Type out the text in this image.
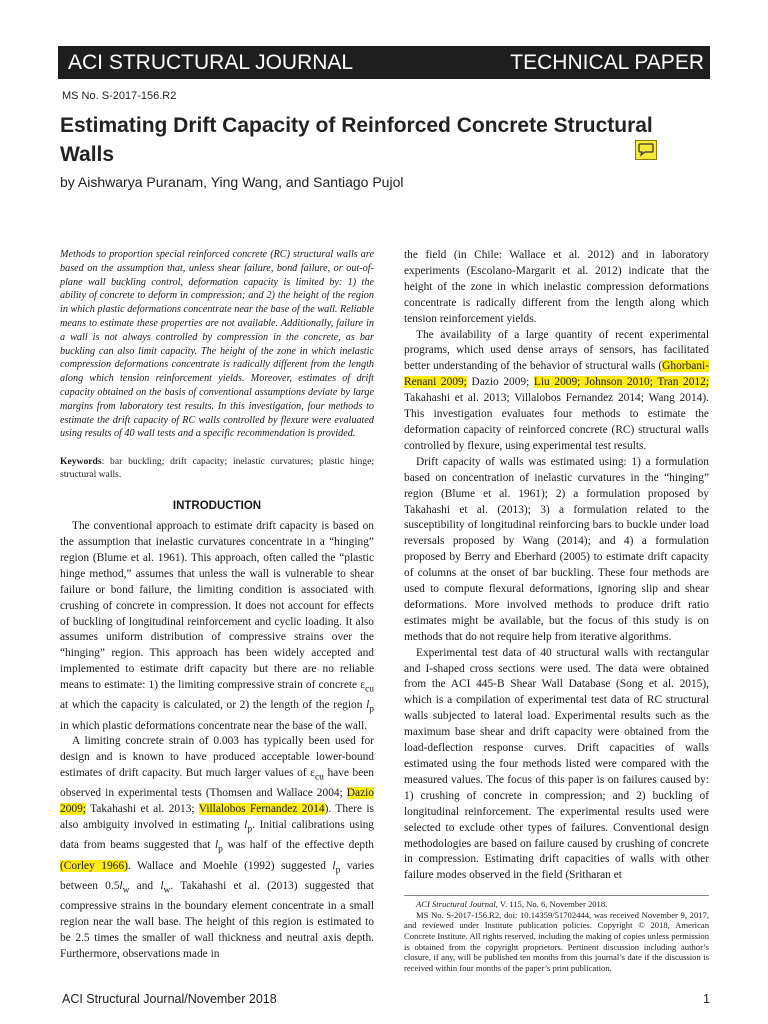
ACI STRUCTURAL JOURNAL	TECHNICAL PAPER
MS No. S-2017-156.R2
Estimating Drift Capacity of Reinforced Concrete Structural Walls
by Aishwarya Puranam, Ying Wang, and Santiago Pujol

Methods to proportion special reinforced concrete (RC) structural walls are based on the assumption that, unless shear failure, bond failure, or out-of-plane wall buckling control, deformation capacity is limited by: 1) the ability of concrete to deform in compression; and 2) the height of the region in which plastic deformations concentrate near the base of the wall. Reliable means to estimate these properties are not available. Additionally, failure in a wall is not always controlled by compression in the concrete, as bar buckling can also limit capacity. The height of the zone in which inelastic compression deformations concentrate is radically different from the length along which tension reinforcement yields. Moreover, estimates of drift capacity obtained on the basis of conventional assumptions deviate by large margins from laboratory test results. In this investigation, four methods to estimate the drift capacity of RC walls controlled by flexure were evaluated using results of 40 wall tests and a specific recommendation is provided.

Keywords: bar buckling; drift capacity; inelastic curvatures; plastic hinge; structural walls.

INTRODUCTION

The conventional approach to estimate drift capacity is based on the assumption that inelastic curvatures concentrate in a “hinging” region (Blume et al. 1961). This approach, often called the “plastic hinge method,” assumes that unless the wall is vulnerable to shear failure or bond failure, the limiting condition is associated with crushing of concrete in compression. It does not account for effects of buckling of longitudinal reinforcement and cyclic loading. It also assumes uniform distribution of compressive strains over the “hinging” region. This approach has been widely accepted and implemented to estimate drift capacity but there are no reliable means to estimate: 1) the limiting compressive strain of concrete $\varepsilon_{cu}$ at which the capacity is calculated, or 2) the length of the region $l_p$ in which plastic deformations concentrate near the base of the wall.

A limiting concrete strain of 0.003 has typically been used for design and is known to have produced acceptable lower-bound estimates of drift capacity. But much larger values of $\varepsilon_{cu}$ have been observed in experimental tests (Thomsen and Wallace 2004; Dazio 2009; Takahashi et al. 2013; Villalobos Fernandez 2014). There is also ambiguity involved in estimating $l_p$. Initial calibrations using data from beams suggested that $l_p$ was half of the effective depth (Corley 1966). Wallace and Moehle (1992) suggested $l_p$ varies between $0.5l_w$ and $l_w$. Takahashi et al. (2013) suggested that compressive strains in the boundary element concentrate in a small region near the wall base. The height of this region is estimated to be 2.5 times the smaller of wall thickness and neutral axis depth. Furthermore, observations made in

the field (in Chile: Wallace et al. 2012) and in laboratory experiments (Escolano-Margarit et al. 2012) indicate that the height of the zone in which inelastic compression deformations concentrate is radically different from the length along which tension reinforcement yields.

The availability of a large quantity of recent experimental programs, which used dense arrays of sensors, has facilitated better understanding of the behavior of structural walls (Ghorbani-Renani 2009; Dazio 2009; Liu 2009; Johnson 2010; Tran 2012; Takahashi et al. 2013; Villalobos Fernandez 2014; Wang 2014). This investigation evaluates four methods to estimate the deformation capacity of reinforced concrete (RC) structural walls controlled by flexure, using experimental test results.

Drift capacity of walls was estimated using: 1) a formulation based on concentration of inelastic curvatures in the “hinging” region (Blume et al. 1961); 2) a formulation proposed by Takahashi et al. (2013); 3) a formulation related to the susceptibility of longitudinal reinforcing bars to buckle under load reversals proposed by Wang (2014); and 4) a formulation proposed by Berry and Eberhard (2005) to estimate drift capacity of columns at the onset of bar buckling. These four methods are used to compute flexural deformations, ignoring slip and shear deformations. More involved methods to produce drift ratio estimates might be available, but the focus of this study is on methods that do not require help from iterative algorithms.

Experimental test data of 40 structural walls with rectangular and I-shaped cross sections were used. The data were obtained from the ACI 445-B Shear Wall Database (Song et al. 2015), which is a compilation of experimental test data of RC structural walls subjected to lateral load. Experimental results such as the maximum base shear and drift capacity were obtained from the load-deflection response curves. Drift capacities of walls estimated using the four methods listed were compared with the measured values. The focus of this paper is on failures caused by: 1) crushing of concrete in compression; and 2) buckling of longitudinal reinforcement. The experimental results used were selected to exclude other types of failures. Conventional design methodologies are based on failure caused by crushing of concrete in compression. Estimating drift capacities of walls with other failure modes observed in the field (Sritharan et

ACI Structural Journal, V. 115, No. 6, November 2018.

MS No. S-2017-156.R2, doi: 10.14359/51702444, was received November 9, 2017, and reviewed under Institute publication policies. Copyright © 2018, American Concrete Institute. All rights reserved, including the making of copies unless permission is obtained from the copyright proprietors. Pertinent discussion including author’s closure, if any, will be published ten months from this journal’s date if the discussion is received within four months of the paper’s print publication.

ACI Structural Journal/November 2018	1
